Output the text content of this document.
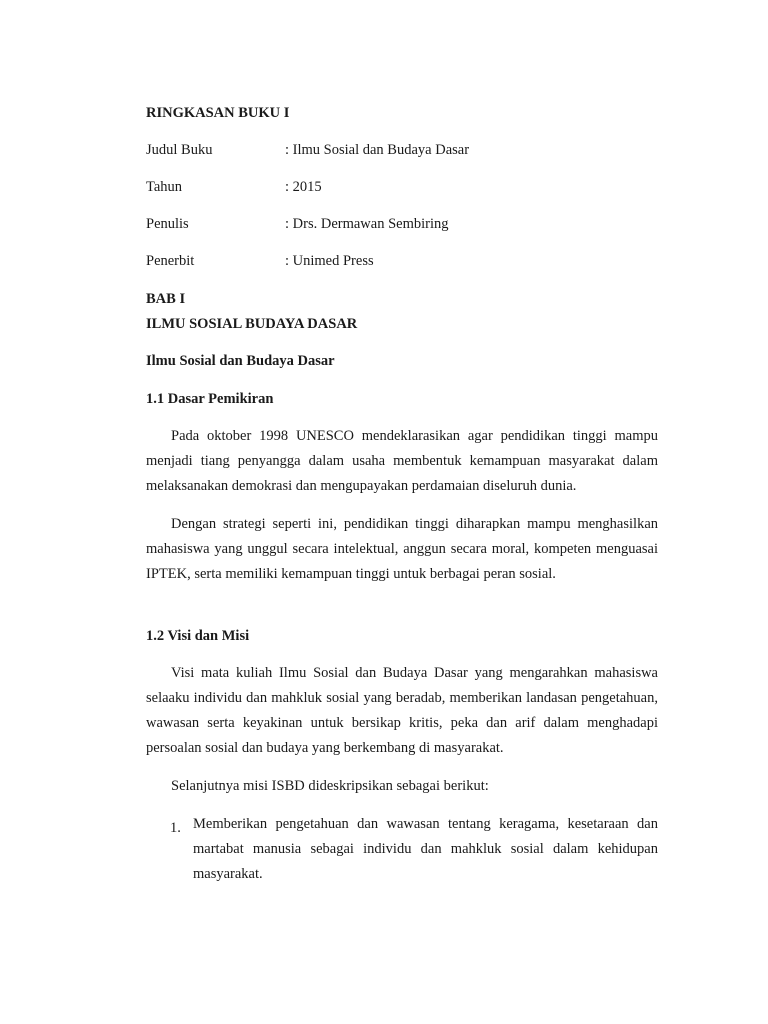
RINGKASAN BUKU I
Judul Buku	: Ilmu Sosial dan Budaya Dasar
Tahun	: 2015
Penulis	: Drs. Dermawan Sembiring
Penerbit	: Unimed Press
BAB I
ILMU SOSIAL BUDAYA DASAR
Ilmu Sosial dan Budaya Dasar
1.1 Dasar Pemikiran

Pada oktober 1998 UNESCO mendeklarasikan agar pendidikan tinggi mampu menjadi tiang penyangga dalam usaha membentuk kemampuan masyarakat dalam melaksanakan demokrasi dan mengupayakan perdamaian diseluruh dunia.

Dengan strategi seperti ini, pendidikan tinggi diharapkan mampu menghasilkan mahasiswa yang unggul secara intelektual, anggun secara moral, kompeten menguasai IPTEK, serta memiliki kemampuan tinggi untuk berbagai peran sosial.

1.2 Visi dan Misi

Visi mata kuliah Ilmu Sosial dan Budaya Dasar yang mengarahkan mahasiswa selaaku individu dan mahkluk sosial yang beradab, memberikan landasan pengetahuan, wawasan serta keyakinan untuk bersikap kritis, peka dan arif dalam menghadapi persoalan sosial dan budaya yang berkembang di masyarakat.

Selanjutnya misi ISBD dideskripsikan sebagai berikut:

1. Memberikan pengetahuan dan wawasan tentang keragama, kesetaraan dan martabat manusia sebagai individu dan mahkluk sosial dalam kehidupan masyarakat.
